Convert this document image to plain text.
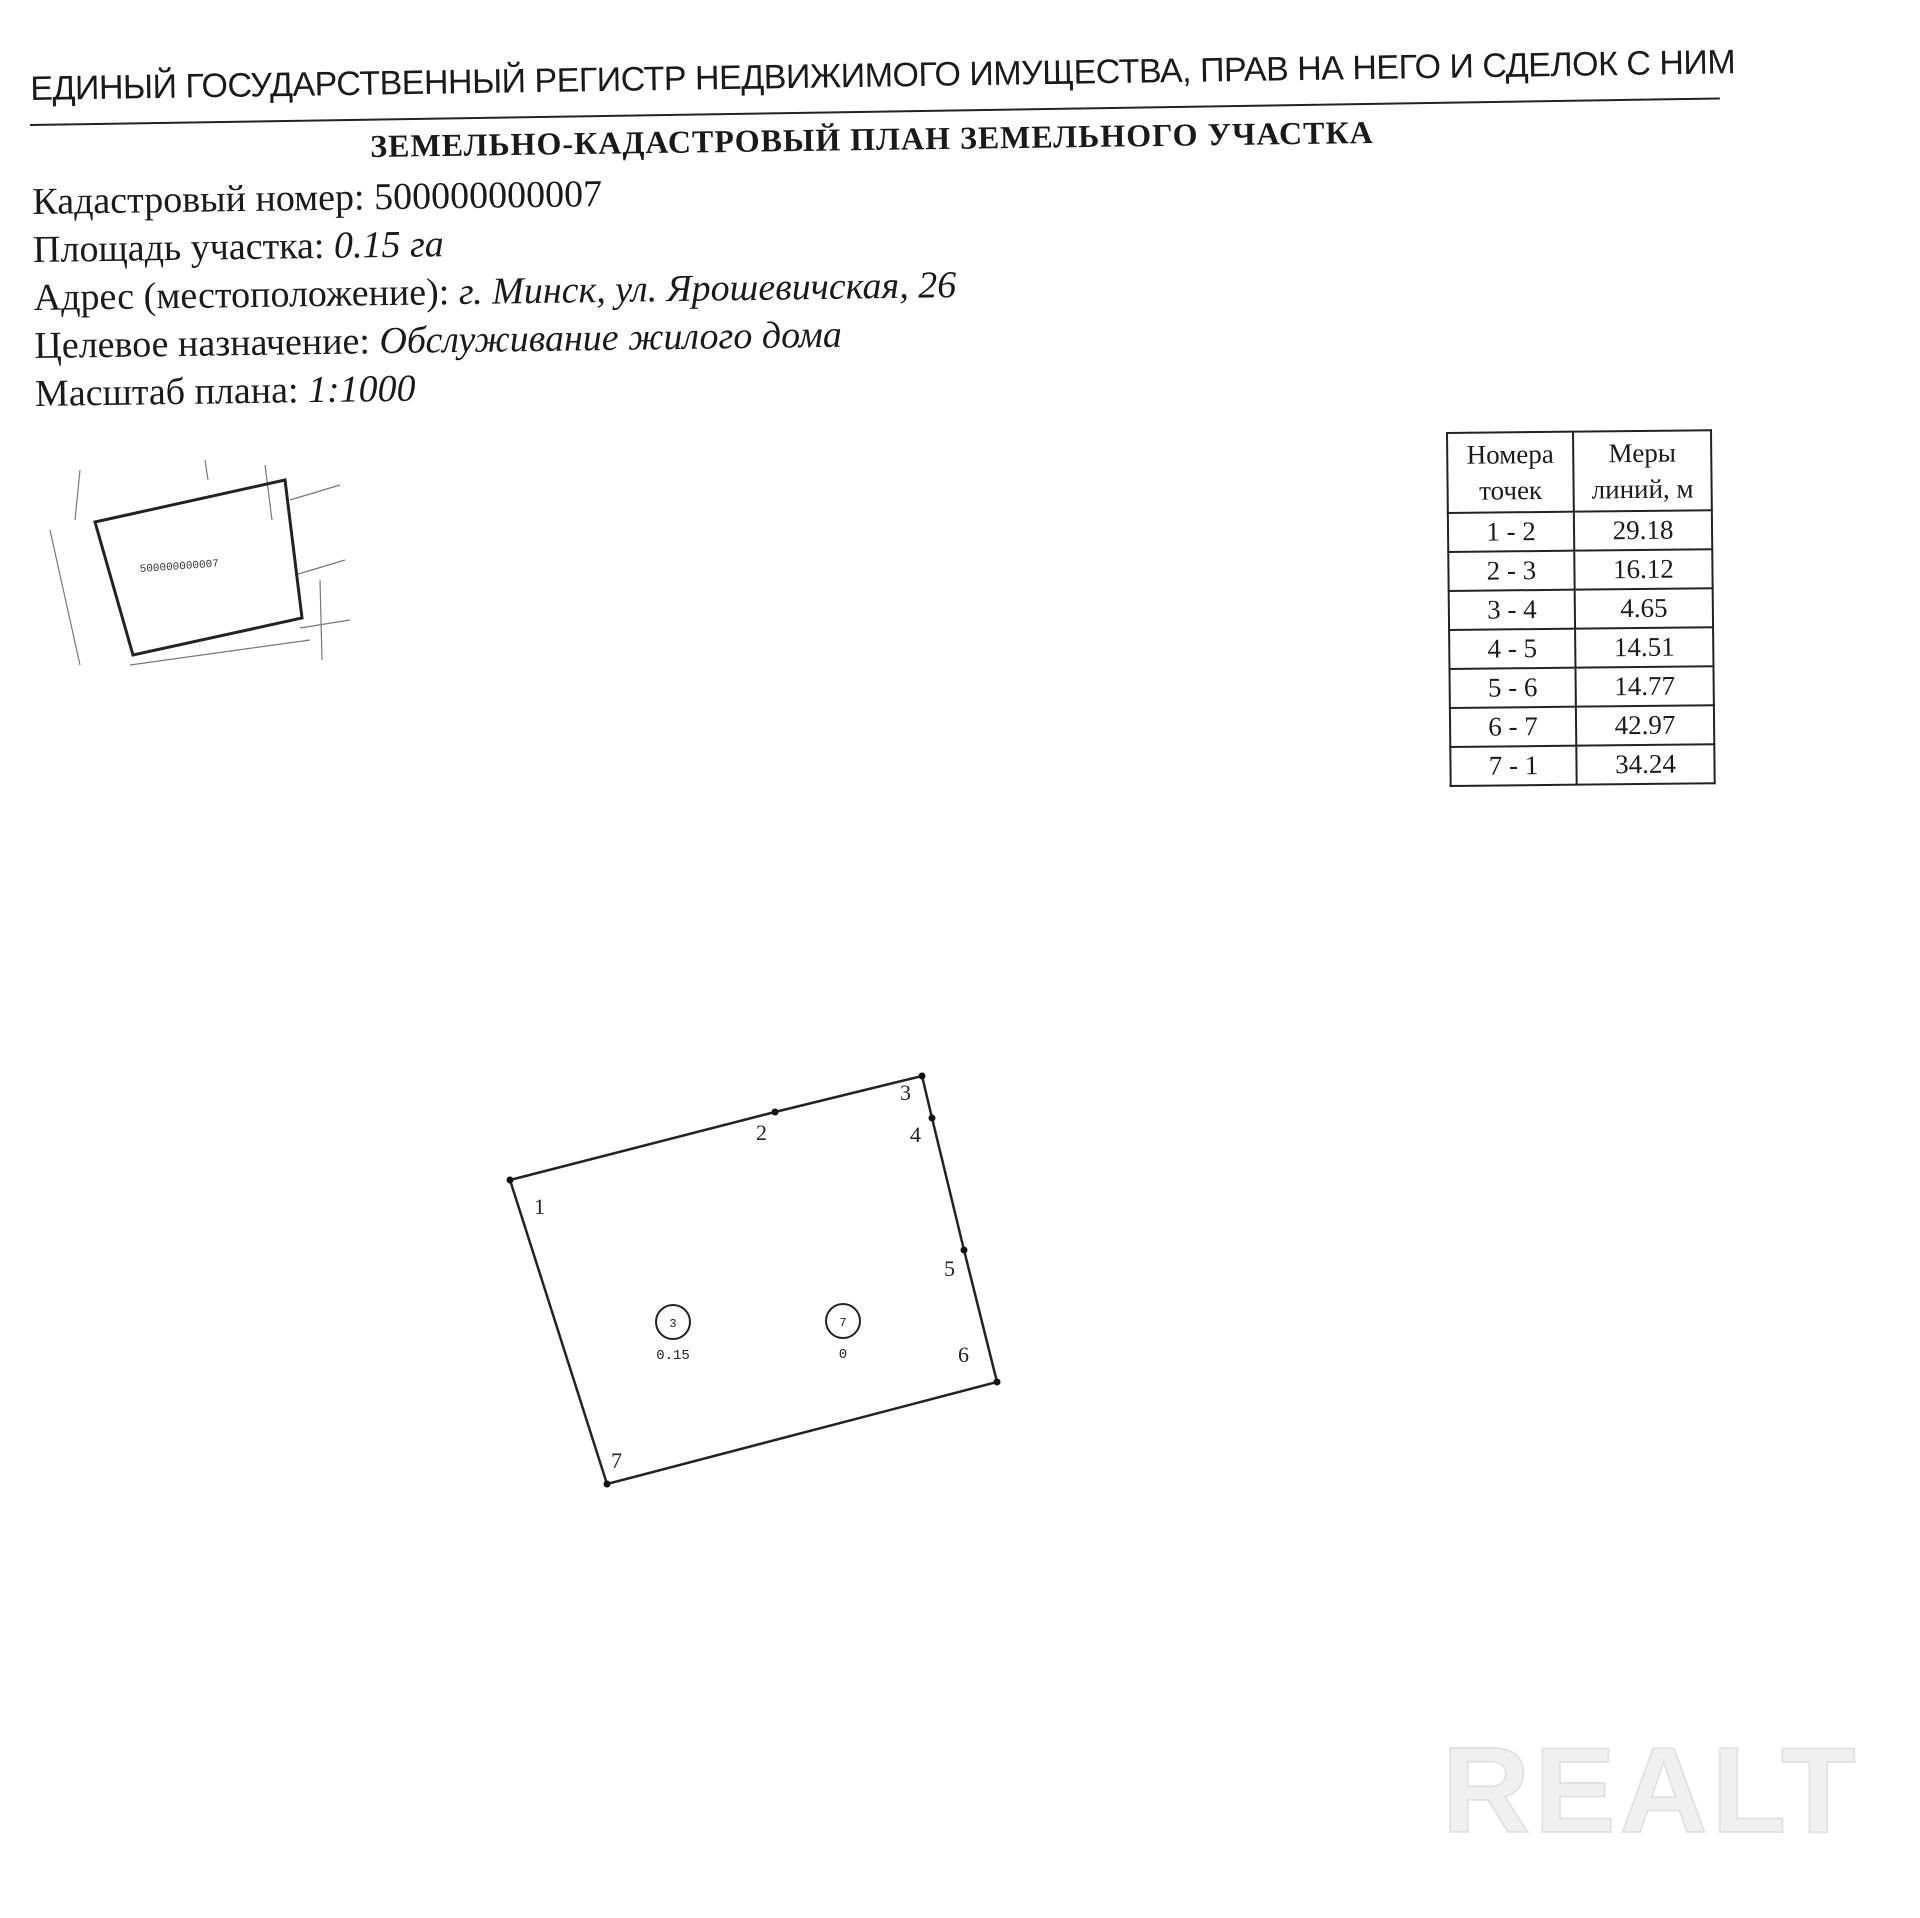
ЕДИНЫЙ ГОСУДАРСТВЕННЫЙ РЕГИСТР НЕДВИЖИМОГО ИМУЩЕСТВА, ПРАВ НА НЕГО И СДЕЛОК С НИМ
ЗЕМЕЛЬНО-КАДАСТРОВЫЙ ПЛАН ЗЕМЕЛЬНОГО УЧАСТКА
Кадастровый номер: 500000000007
Площадь участка: 0.15 га
Адрес (местоположение): г. Минск, ул. Ярошевичская, 26
Целевое назначение: Обслуживание жилого дома
Масштаб плана: 1:1000
500000000007
Номера точек	Меры линий, м
1 - 2	29.18
2 - 3	16.12
3 - 4	4.65
4 - 5	14.51
5 - 6	14.77
6 - 7	42.97
7 - 1	34.24
1
2
3
4
5
6
7
3
0.15
7
0
REALT
